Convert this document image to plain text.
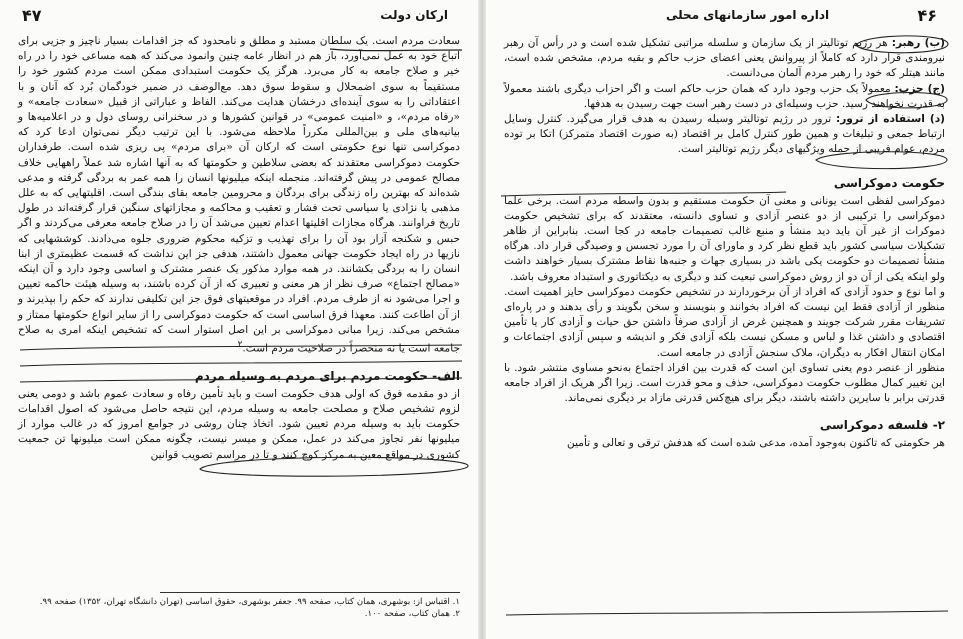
۴۷	ارکان دولت

سعادت مردم است. یک سلطان مستبد و مطلق و نامحدود که جز اقدامات بسیار ناچیز و جزیی برای اتباع خود به عمل نمی‌آورد، باز هم در انظار عامه چنین وانمود می‌کند که همه مساعی خود را در راه خیر و صلاح جامعه به کار می‌برد. هرگز یک حکومت استبدادی ممکن است مردم کشور خود را مستقیماً به سوی اضمحلال و سقوط سوق دهد. مع‌الوصف در ضمیر خودگمان بُرد که آنان و با اعتقاداتی را به سوی آینده‌ای درخشان هدایت می‌کند. الفاظ و عباراتی از قبیل «سعادت جامعه» و «رفاه مردم»، و «امنیت عمومی» در قوانین کشورها و در سخنرانی روسای دول و در اعلامیه‌ها و بیانیه‌های ملی و بین‌المللی مکرراً ملاحظه می‌شود. با این ترتیب دیگر نمی‌توان ادعا کرد که دموکراسی تنها نوع حکومتی است که ارکان آن «برای مردم» پی ریزی شده است. طرفداران حکومت دموکراسی معتقدند که بعضی سلاطین و حکومتها که به آنها اشاره شد عملاً راههایی خلاف مصالح عمومی در پیش گرفته‌اند. منجمله اینکه میلیونها انسان را همه عمر به بردگی گرفته و مدعی شده‌اند که بهترین راه زندگی برای بردگان و محرومین جامعه بقای بندگی است. اقلیتهایی که به علل مذهبی یا نژادی یا سیاسی تحت فشار و تعقیب و محاکمه و مجازاتهای سنگین قرار گرفته‌اند در طول تاریخ فراوانند. هرگاه مجازات اقلیتها اعدام تعیین می‌شد آن را در صلاح جامعه معرفی می‌کردند و اگر حبس و شکنجه آزار بود آن را برای تهذیب و تزکیه محکوم ضروری جلوه می‌دادند. کوششهایی که نازیها در راه ایجاد حکومت جهانی معمول داشتند، هدفی جز این نداشت که قسمت عظیمتری از ابنا انسان را به بردگی بکشانند. در همه موارد مذکور یک عنصر مشترک و اساسی وجود دارد و آن اینکه «مصالح اجتماع» صرف نظر از هر معنی و تعبیری که از آن کرده باشند، به وسیله هیئت حاکمه تعیین و اجرا می‌شود نه از طرف مردم. افراد در موقعیتهای فوق جز این تکلیفی ندارند که حکم را بپذیرند و از آن اطاعت کنند. معهذا فرق اساسی است که حکومت دموکراسی را از سایر انواع حکومتها ممتاز و مشخص می‌کند. زیرا مبانی دموکراسی بر این اصل استوار است که تشخیص اینکه امری به صلاح جامعه است یا نه منحصراً در صلاحیت مردم است.$^۲$

الف- حکومت مردم برای مردم به وسیله مردم

از دو مقدمه فوق که اولی هدف حکومت است و باید تأمین رفاه و سعادت عموم باشد و دومی یعنی لزوم تشخیص صلاح و مصلحت جامعه به وسیله مردم، این نتیجه حاصل می‌شود که اصول اقدامات حکومت باید به وسیله مردم تعیین شود. اتخاذ چنان روشی در جوامع امروز که در غالب موارد از میلیونها نفر تجاوز می‌کند در عمل، ممکن و میسر نیست، چگونه ممکن است میلیونها تن جمعیت کشوری در مواقع معین به مرکز کوچ کنند و تا در مراسم تصویب قوانین

۱. اقتباس از: بوشهری، همان کتاب، صفحه ۹۹. جعفر بوشهری، حقوق اساسی (تهران دانشگاه تهران، ۱۳۵۲) صفحه ۹۹.

۲. همان کتاب، صفحه ۱۰۰.

۴۶
اداره امور سازمانهای محلی

(ب) رهبر: هر رژیم توتالیتر از یک سازمان و سلسله مراتبی تشکیل شده است و در رأس آن رهبر نیرومندی قرار دارد که کاملاً از پیروانش یعنی اعضای حزب حاکم و بقیه مردم، مشخص شده است، مانند هیتلر که خود را رهبر مردم آلمان می‌دانست.

(ج) حزب: معمولاً یک حزب وجود دارد که همان حزب حاکم است و اگر احزاب دیگری باشند معمولاً به قدرت نخواهند رسید. حزب وسیله‌ای در دست رهبر است جهت رسیدن به هدفها.

(د) استفاده از ترور: ترور در رژیم توتالیتر وسیله رسیدن به هدف قرار می‌گیرد. کنترل وسایل ارتباط جمعی و تبلیغات و همین طور کنترل کامل بر اقتصاد (به صورت اقتصاد متمرکز) اتکا بر توده مردم، عوام فریبی از جمله ویژگیهای دیگر رژیم توتالیتر است.

حکومت دموکراسی

دموکراسی لفظی است یونانی و معنی آن حکومت مستقیم و بدون واسطه مردم است. برخی علما دموکراسی را ترکیبی از دو عنصر آزادی و تساوی دانسته، معتقدند که برای تشخیص حکومت دموکرات از غیر آن باید دید منشأ و منبع غالب تصمیمات جامعه در کجا است. بنابراین از ظاهر تشکیلات سیاسی کشور باید قطع نظر کرد و ماورای آن را مورد تجسس و وصیدگی قرار داد. هرگاه منشأ تصمیمات دو حکومت یکی باشد در بسیاری جهات و جنبه‌ها نقاط مشترک بسیار خواهند داشت ولو اینکه یکی از آن دو از روش دموکراسی تبعیت کند و دیگری به دیکتاتوری و استبداد معروف باشد.

و اما نوع و حدود آزادی که افراد از آن برخوردارند در تشخیص حکومت دموکراسی حایز اهمیت است. منظور از آزادی فقط این نیست که افراد بخوانند و بنویسند و سخن بگویند و رأی بدهند و در پاره‌ای تشریفات مقرر شرکت جویند و همچنین غرض از آزادی صرفاً داشتن حق حیات و آزادی کار یا تأمین اقتصادی و داشتن غذا و لباس و مسکن نیست بلکه آزادی فکر و اندیشه و سپس آزادی اجتماعات و امکان انتقال افکار به دیگران، ملاک سنجش آزادی در جامعه است.

منظور از عنصر دوم یعنی تساوی این است که قدرت بین افراد اجتماع به‌نحو مساوی منتشر شود. با این تغییر کمال مطلوب حکومت دموکراسی، حذف و محو قدرت است. زیرا اگر هریک از افراد جامعه قدرتی برابر با سایرین داشته باشند، دیگر برای هیچ‌کس قدرتی مازاد بر دیگری نمی‌ماند.

۲- فلسفه دموکراسی

هر حکومتی که تاکنون به‌وجود آمده، مدعی شده است که هدفش ترقی و تعالی و تأمین
